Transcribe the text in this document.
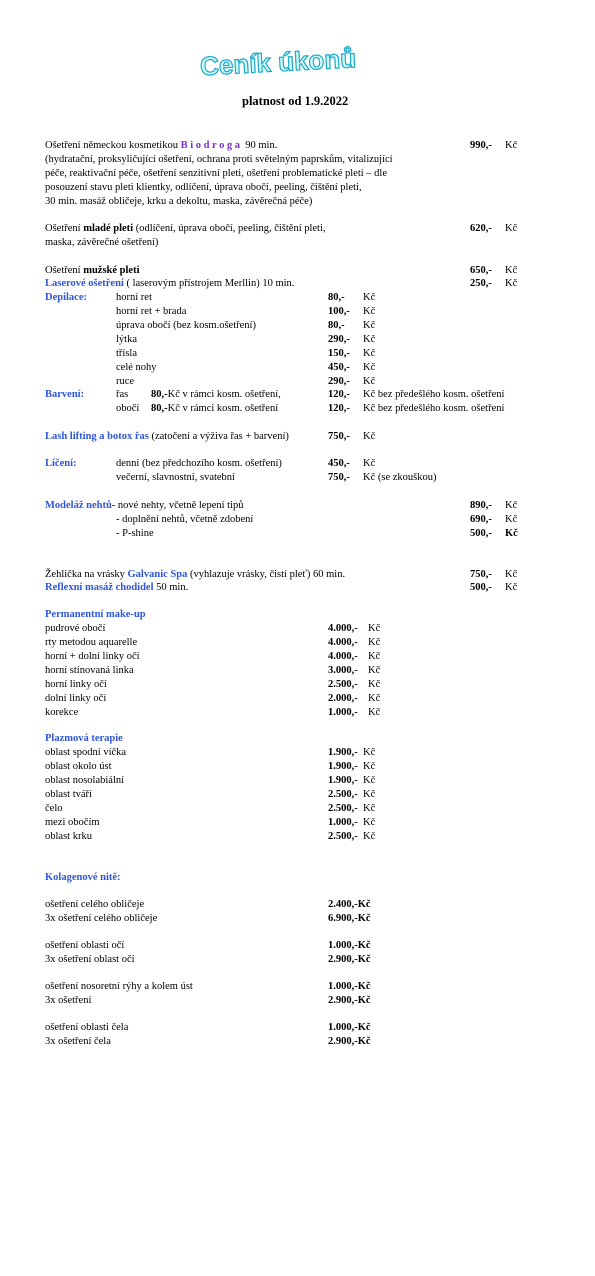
Ceník úkonů
platnost od 1.9.2022
Ošetření německou kosmetikou Biodroga 90 min.	990,- Kč
(hydratační, proksyličující ošetření, ochrana proti světelným paprskům, vitalizující
péče, reaktivační péče, ošetření senzitivní pleti, ošetření problematické pleti – dle
posouzení stavu pleti klientky, odlíčení, úprava obočí, peeling, čištění pleti,
30 min. masáž obličeje, krku a dekoltu, maska, závěrečná péče)
Ošetření mladé pleti (odlíčení, úprava obočí, peeling, čištění pleti,	620,- Kč
maska, závěrečné ošetření)
Ošetření mužské pleti	650,- Kč
Laserové ošetření ( laserovým přístrojem Merllin) 10 min.	250,- Kč
Depilace:	horní ret	80,- Kč
horní ret + brada	100,- Kč
úprava obočí (bez kosm.ošetření)	80,- Kč
lýtka	290,- Kč
třísla	150,- Kč
celé nohy	450,- Kč
ruce	290,- Kč
Barvení:	řas 80,-Kč v rámci kosm. ošetření,	120,- Kč bez předešlého kosm. ošetření
obočí 80,-Kč v rámci kosm. ošetření	120,- Kč bez předešlého kosm. ošetření
Lash lifting a botox řas (zatočení a výživa řas + barvení)	750,- Kč
Líčení:	denní (bez předchozího kosm. ošetření)	450,- Kč
večerní, slavnostní, svatební	750,- Kč (se zkouškou)
Modeláž nehtů- nové nehty, včetně lepení tipů	890,- Kč
- doplnění nehtů, včetně zdobení	690,- Kč
- P-shine	500,- Kč
Žehlička na vrásky Galvanic Spa (vyhlazuje vrásky, čistí pleť) 60 min.	750,- Kč
Reflexní masáž chodidel 50 min.	500,- Kč
Permanentní make-up
pudrové obočí	4.000,- Kč
rty metodou aquarelle	4.000,- Kč
horní + dolní linky očí	4.000,- Kč
horní stínovaná linka	3.000,- Kč
horní linky očí	2.500,- Kč
dolní linky očí	2.000,- Kč
korekce	1.000,- Kč
Plazmová terapie
oblast spodní víčka	1.900,- Kč
oblast okolo úst	1.900,- Kč
oblast nosolabiální	1.900,- Kč
oblast tváří	2.500,- Kč
čelo	2.500,- Kč
mezi obočím	1.000,- Kč
oblast krku	2.500,- Kč
Kolagenové nitě:
ošetření celého obličeje	2.400,-Kč
3x ošetření celého obličeje	6.900,-Kč
ošetření oblasti očí	1.000,-Kč
3x ošetření oblast očí	2.900,-Kč
ošetření nosoretní rýhy a kolem úst	1.000,-Kč
3x ošetření	2.900,-Kč
ošetření oblasti čela	1.000,-Kč
3x ošetření čela	2.900,-Kč
